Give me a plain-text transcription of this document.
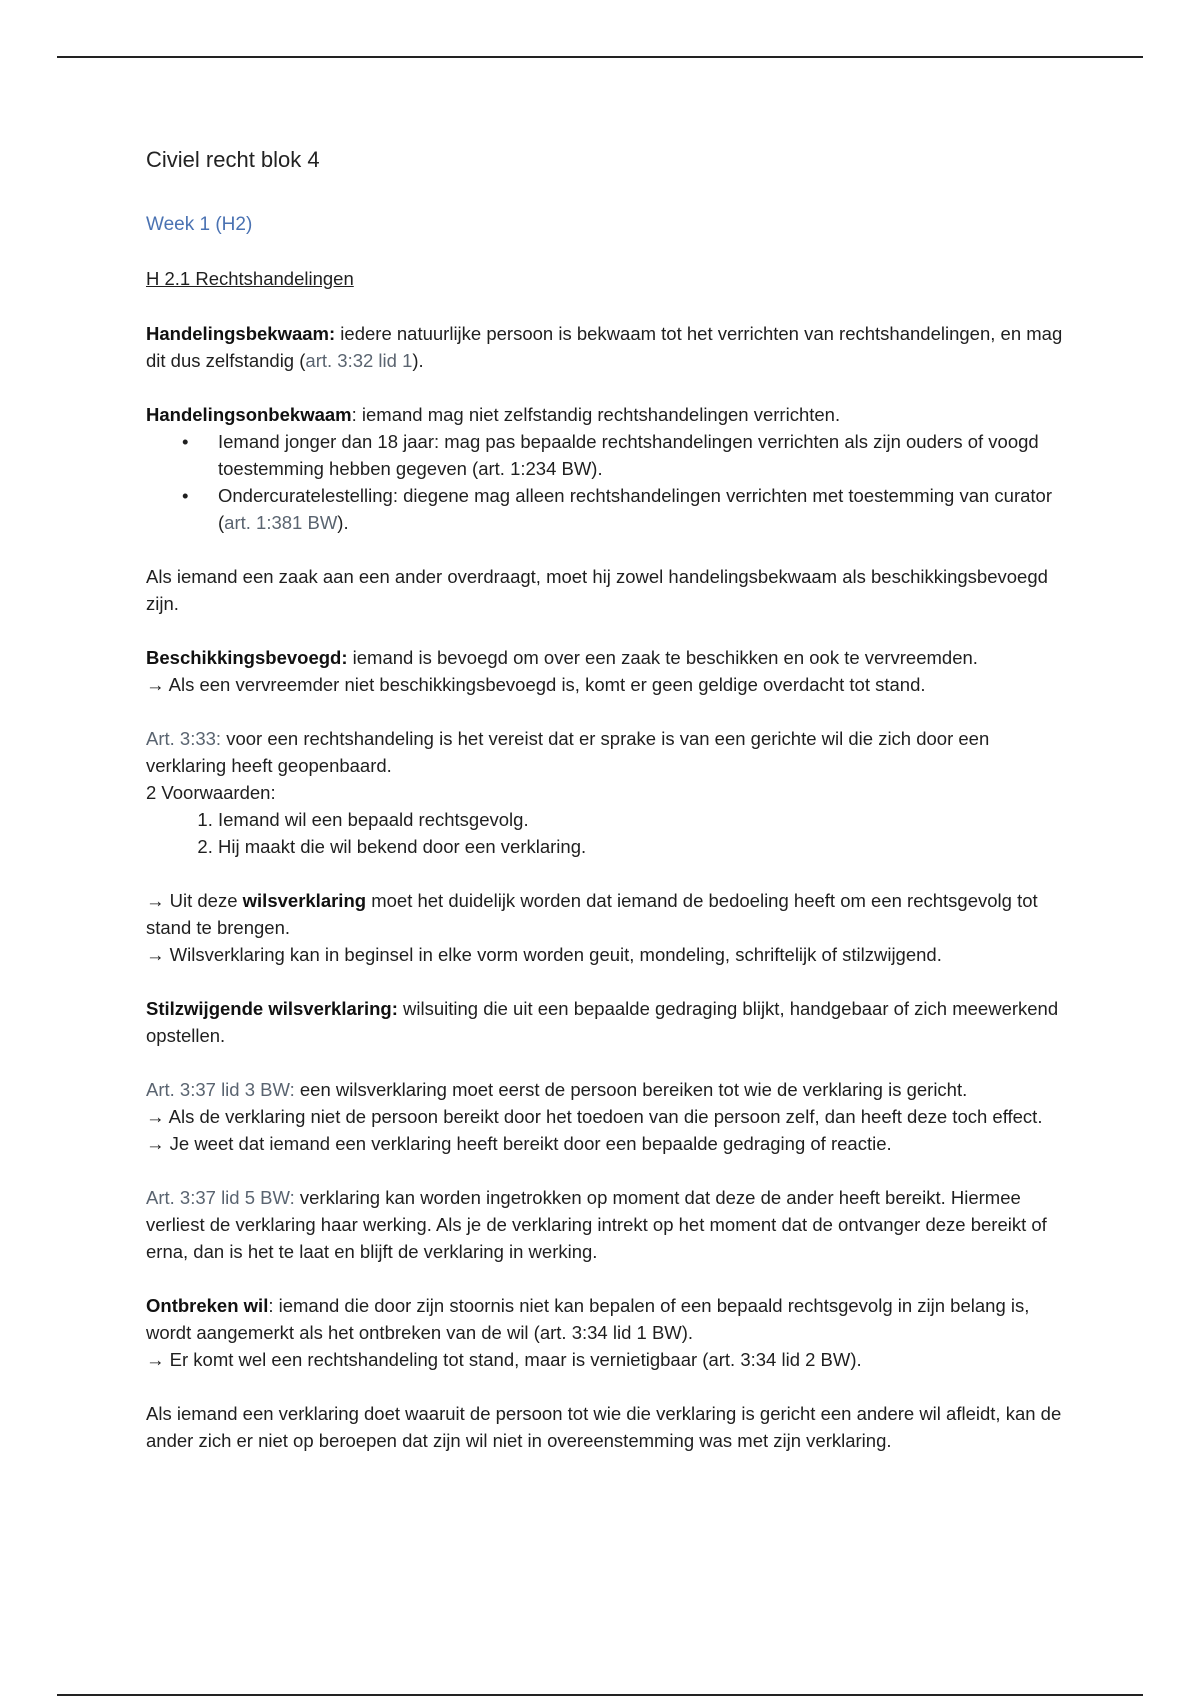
Civiel recht blok 4
Week 1 (H2)
H 2.1 Rechtshandelingen

Handelingsbekwaam: iedere natuurlijke persoon is bekwaam tot het verrichten van rechtshandelingen, en mag dit dus zelfstandig (art. 3:32 lid 1).

Handelingsonbekwaam: iemand mag niet zelfstandig rechtshandelingen verrichten.

• Iemand jonger dan 18 jaar: mag pas bepaalde rechtshandelingen verrichten als zijn ouders of voogd toestemming hebben gegeven (art. 1:234 BW).
• Ondercuratelestelling: diegene mag alleen rechtshandelingen verrichten met toestemming van curator (art. 1:381 BW).

Als iemand een zaak aan een ander overdraagt, moet hij zowel handelingsbekwaam als beschikkingsbevoegd zijn.

Beschikkingsbevoegd: iemand is bevoegd om over een zaak te beschikken en ook te vervreemden.
→ Als een vervreemder niet beschikkingsbevoegd is, komt er geen geldige overdacht tot stand.

Art. 3:33: voor een rechtshandeling is het vereist dat er sprake is van een gerichte wil die zich door een verklaring heeft geopenbaard.
2 Voorwaarden:

1. Iemand wil een bepaald rechtsgevolg.
2. Hij maakt die wil bekend door een verklaring.

→ Uit deze wilsverklaring moet het duidelijk worden dat iemand de bedoeling heeft om een rechtsgevolg tot stand te brengen.
→ Wilsverklaring kan in beginsel in elke vorm worden geuit, mondeling, schriftelijk of stilzwijgend.

Stilzwijgende wilsverklaring: wilsuiting die uit een bepaalde gedraging blijkt, handgebaar of zich meewerkend opstellen.

Art. 3:37 lid 3 BW: een wilsverklaring moet eerst de persoon bereiken tot wie de verklaring is gericht.
→ Als de verklaring niet de persoon bereikt door het toedoen van die persoon zelf, dan heeft deze toch effect.
→ Je weet dat iemand een verklaring heeft bereikt door een bepaalde gedraging of reactie.

Art. 3:37 lid 5 BW: verklaring kan worden ingetrokken op moment dat deze de ander heeft bereikt. Hiermee verliest de verklaring haar werking. Als je de verklaring intrekt op het moment dat de ontvanger deze bereikt of erna, dan is het te laat en blijft de verklaring in werking.

Ontbreken wil: iemand die door zijn stoornis niet kan bepalen of een bepaald rechtsgevolg in zijn belang is, wordt aangemerkt als het ontbreken van de wil (art. 3:34 lid 1 BW).
→ Er komt wel een rechtshandeling tot stand, maar is vernietigbaar (art. 3:34 lid 2 BW).

Als iemand een verklaring doet waaruit de persoon tot wie die verklaring is gericht een andere wil afleidt, kan de ander zich er niet op beroepen dat zijn wil niet in overeenstemming was met zijn verklaring.
